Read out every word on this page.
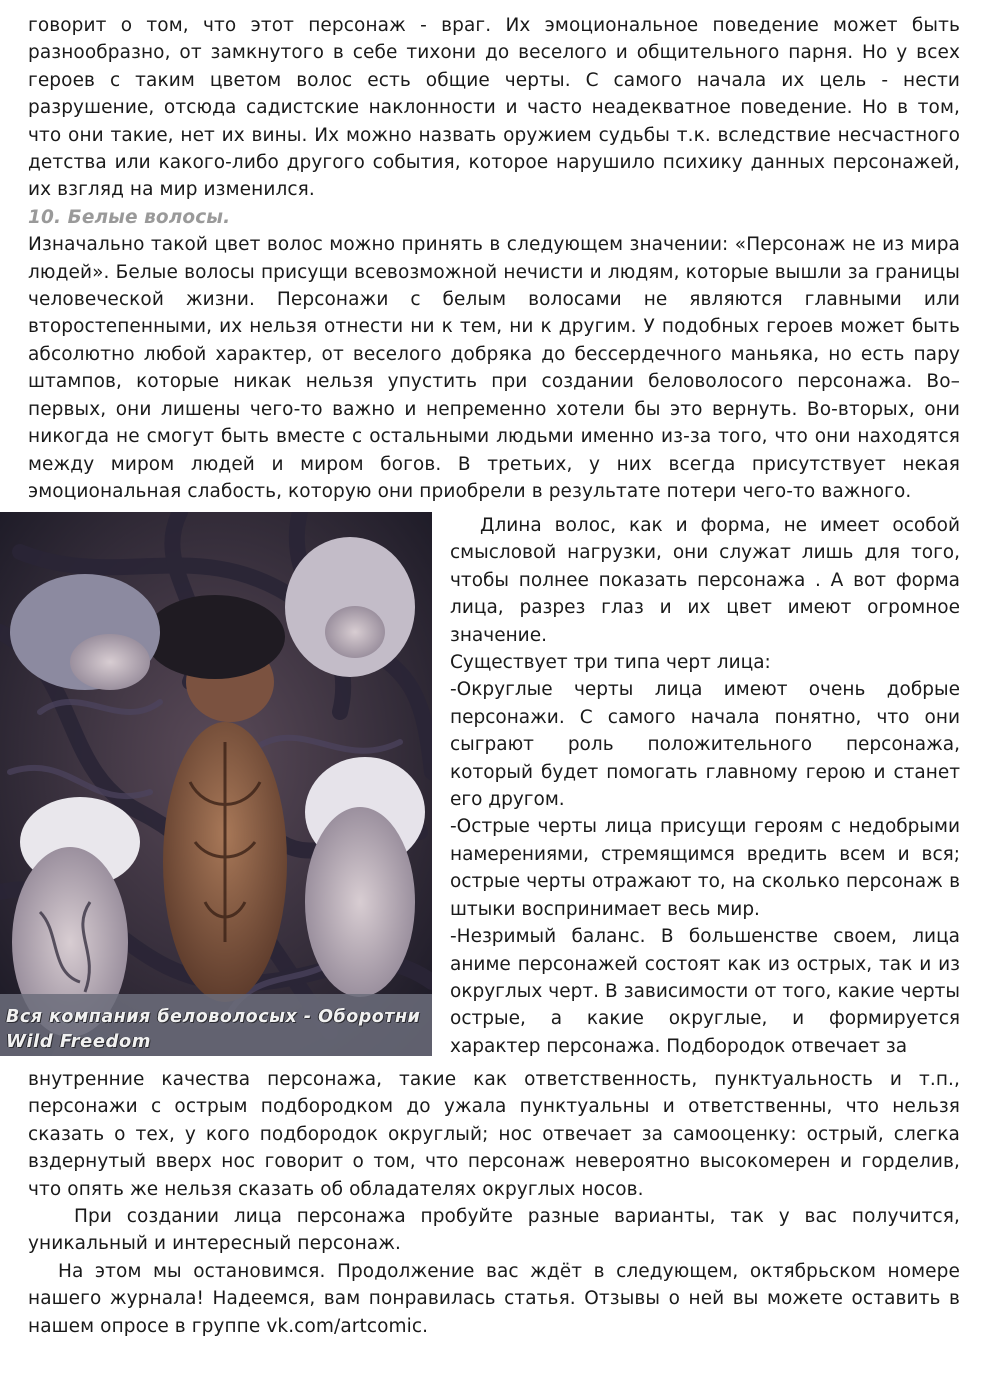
говорит о том, что этот персонаж - враг. Их эмоциональное поведение может быть разнообразно, от замкнутого в себе тихони до веселого и общительного парня. Но у всех героев с таким цветом волос есть общие черты. С самого начала их цель - нести разрушение, отсюда садистские наклонности и часто неадекватное поведение. Но в том, что они такие, нет их вины. Их можно назвать оружием судьбы т.к. вследствие несчастного детства или какого-либо другого события, которое нарушило психику данных персонажей, их взгляд на мир изменился.

10. Белые волосы.

Изначально такой цвет волос можно принять в следующем значении: «Персонаж не из мира людей». Белые волосы присущи всевозможной нечисти и людям, которые вышли за границы человеческой жизни. Персонажи с белым волосами не являются главными или второстепенными, их нельзя отнести ни к тем, ни к другим. У подобных героев может быть абсолютно любой характер, от веселого добряка до бессердечного маньяка, но есть пару штампов, которые никак нельзя упустить при создании беловолосого персонажа. Во–первых, они лишены чего-то важно и непременно хотели бы это вернуть. Во-вторых, они никогда не смогут быть вместе с остальными людьми именно из-за того, что они находятся между миром людей и миром богов. В третьих, у них всегда присутствует некая эмоциональная слабость, которую они приобрели в результате потери чего-то важного.

Вся компания беловолосых - Оборотни
Wild Freedom

Длина волос, как и форма, не имеет особой смысловой нагрузки, они служат лишь для того, чтобы полнее показать персонажа . А вот форма лица, разрез глаз и их цвет имеют огромное значение.

Существует три типа черт лица:

-Округлые черты лица имеют очень добрые персонажи. С самого начала понятно, что они сыграют роль положительного персонажа, который будет помогать главному герою и станет его другом.

-Острые черты лица присущи героям с недобрыми намерениями, стремящимся вредить всем и вся; острые черты отражают то, на сколько персонаж в штыки воспринимает весь мир.

-Незримый баланс. В большенстве своем, лица аниме персонажей состоят как из острых, так и из округлых черт. В зависимости от того, какие черты острые, а какие округлые, и формируется характер персонажа. Подбородок отвечает за

внутренние качества персонажа, такие как ответственность, пунктуальность и т.п., персонажи с острым подбородком до ужала пунктуальны и ответственны, что нельзя сказать о тех, у кого подбородок округлый; нос отвечает за самооценку: острый, слегка вздернутый вверх нос говорит о том, что персонаж невероятно высокомерен и горделив, что опять же нельзя сказать об обладателях округлых носов.

При создании лица персонажа пробуйте разные варианты, так у вас получится, уникальный и интересный персонаж.

На этом мы остановимся. Продолжение вас ждёт в следующем, октябрьском номере нашего журнала! Надеемся, вам понравилась статья. Отзывы о ней вы можете оставить в нашем опросе в группе vk.com/artcomic.
